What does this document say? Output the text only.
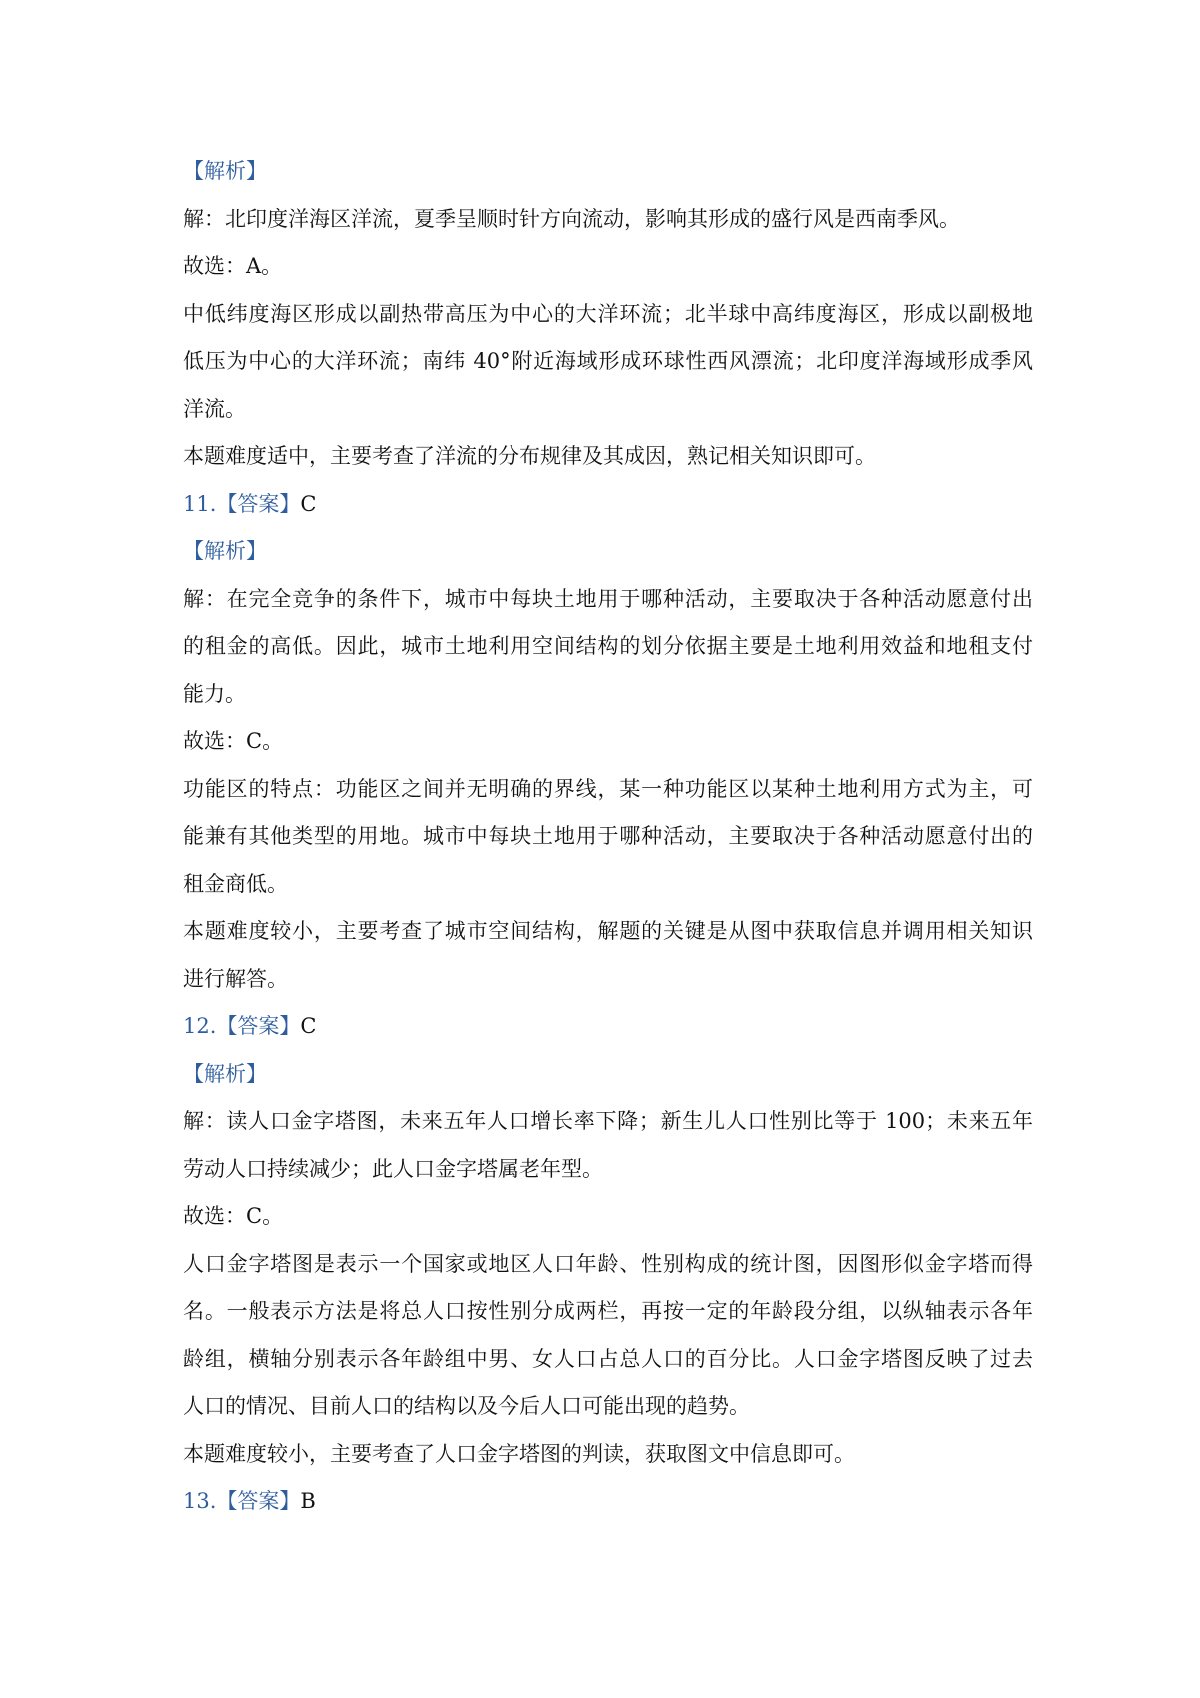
【解析】
解：北印度洋海区洋流，夏季呈顺时针方向流动，影响其形成的盛行风是西南季风。
故选：A。
中低纬度海区形成以副热带高压为中心的大洋环流；北半球中高纬度海区，形成以副极地
低压为中心的大洋环流；南纬 40°附近海域形成环球性西风漂流；北印度洋海域形成季风
洋流。
本题难度适中，主要考查了洋流的分布规律及其成因，熟记相关知识即可。
11.【答案】C
【解析】
解：在完全竞争的条件下，城市中每块土地用于哪种活动，主要取决于各种活动愿意付出
的租金的高低。因此，城市土地利用空间结构的划分依据主要是土地利用效益和地租支付
能力。
故选：C。
功能区的特点：功能区之间并无明确的界线，某一种功能区以某种土地利用方式为主，可
能兼有其他类型的用地。城市中每块土地用于哪种活动，主要取决于各种活动愿意付出的
租金商低。
本题难度较小，主要考查了城市空间结构，解题的关键是从图中获取信息并调用相关知识
进行解答。
12.【答案】C
【解析】
解：读人口金字塔图，未来五年人口增长率下降；新生儿人口性别比等于 100；未来五年
劳动人口持续减少；此人口金字塔属老年型。
故选：C。
人口金字塔图是表示一个国家或地区人口年龄、性别构成的统计图，因图形似金字塔而得
名。一般表示方法是将总人口按性别分成两栏，再按一定的年龄段分组，以纵轴表示各年
龄组，横轴分别表示各年龄组中男、女人口占总人口的百分比。人口金字塔图反映了过去
人口的情况、目前人口的结构以及今后人口可能出现的趋势。
本题难度较小，主要考查了人口金字塔图的判读，获取图文中信息即可。
13.【答案】B
